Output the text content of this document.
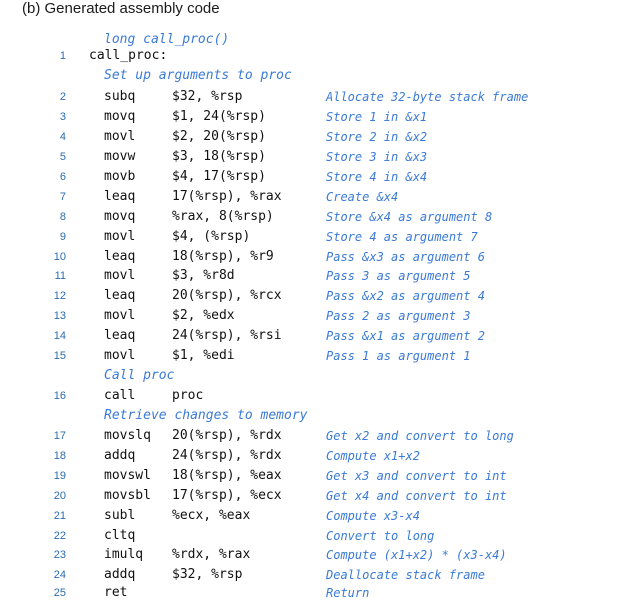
(b) Generated assembly code
long call_proc()
1 call_proc:
Set up arguments to proc
2	subq	$32, %rsp	Allocate 32-byte stack frame
3	movq	$1, 24(%rsp)	Store 1 in &x1
4	movl	$2, 20(%rsp)	Store 2 in &x2
5	movw	$3, 18(%rsp)	Store 3 in &x3
6	movb	$4, 17(%rsp)	Store 4 in &x4
7	leaq	17(%rsp), %rax	Create &x4
8	movq	%rax, 8(%rsp)	Store &x4 as argument 8
9	movl	$4, (%rsp)	Store 4 as argument 7
10	leaq	18(%rsp), %r9	Pass &x3 as argument 6
11	movl	$3, %r8d	Pass 3 as argument 5
12	leaq	20(%rsp), %rcx	Pass &x2 as argument 4
13	movl	$2, %edx	Pass 2 as argument 3
14	leaq	24(%rsp), %rsi	Pass &x1 as argument 2
15	movl	$1, %edi	Pass 1 as argument 1
Call proc
16	call	proc
Retrieve changes to memory
17	movslq 20(%rsp), %rdx	Get x2 and convert to long
18	addq	24(%rsp), %rdx	Compute x1+x2
19	movswl 18(%rsp), %eax	Get x3 and convert to int
20	movsbl 17(%rsp), %ecx	Get x4 and convert to int
21	subl	%ecx, %eax	Compute x3-x4
22	cltq	Convert to long
23	imulq %rdx, %rax	Compute (x1+x2) * (x3-x4)
24	addq	$32, %rsp	Deallocate stack frame
25	ret	Return
